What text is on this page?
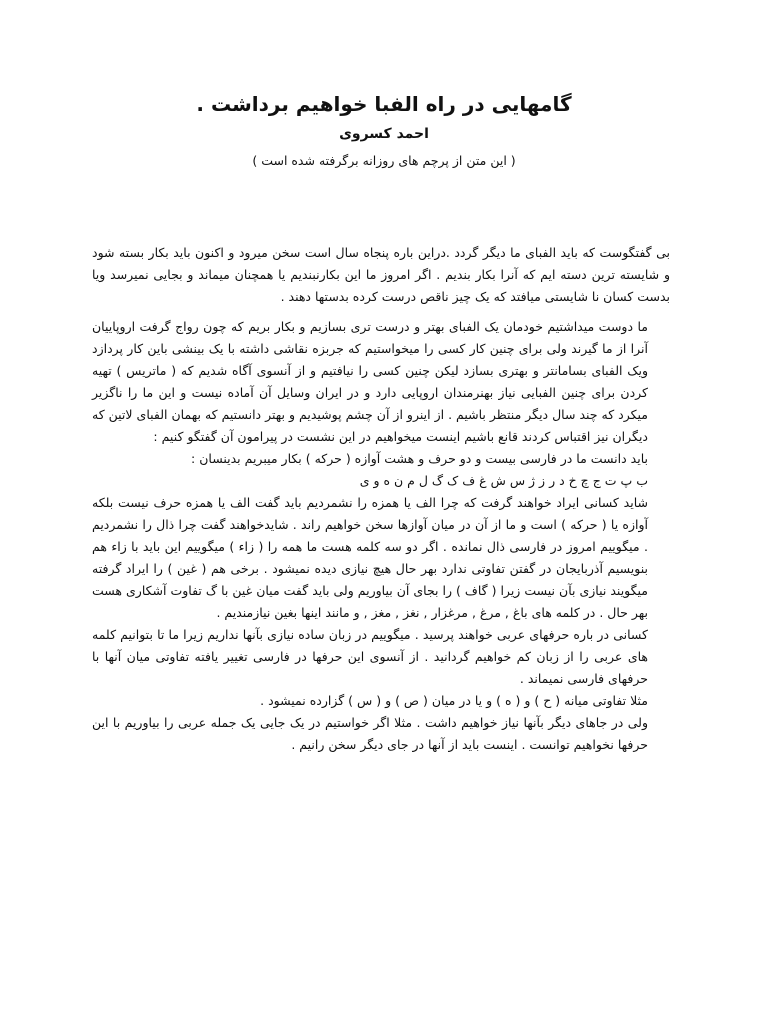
گامهایی در راه الفبا خواهیم برداشت .
احمد کسروی
( این متن از پرچم های روزانه برگرفته شده است )

بی گفتگوست که باید الفبای ما دیگر گردد .دراین باره پنجاه سال است سخن میرود و اکنون باید بکار بسته شود و شایسته ترین دسته ایم که آنرا بکار بندیم . اگر امروز ما این بکارنبندیم یا همچنان میماند و بجایی نمیرسد ویا بدست کسان نا شایستی میافتد که یک چیز ناقص درست کرده بدستها دهند .

ما دوست میداشتیم خودمان یک الفبای بهتر و درست تری بسازیم و بکار بریم که چون رواج گرفت اروپاییان آنرا از ما گیرند ولی برای چنین کار کسی را میخواستیم که جربزه نقاشی داشته با یک بینشی باین کار پردازد ویک الفبای بسامانتر و بهتری بسازد لیکن چنین کسی را نیافتیم و از آنسوی آگاه شدیم که ( ماتریس ) تهیه کردن برای چنین الفبایی نیاز بهنرمندان اروپایی دارد و در ایران وسایل آن آماده نیست و این ما را ناگزیر میکرد که چند سال دیگر منتظر باشیم . از اینرو از آن چشم پوشیدیم و بهتر دانستیم که بهمان الفبای لاتین که دیگران نیز اقتباس کردند قانع باشیم اینست میخواهیم در این نشست در پیرامون آن گفتگو کنیم :

باید دانست ما در فارسی بیست و دو حرف و هشت آوازه ( حرکه ) بکار میبریم بدینسان :

ب پ ت ج چ خ د ر ز ژ س ش غ ف ک گ ل م ن ه و ی

شاید کسانی ایراد خواهند گرفت که چرا الف یا همزه را نشمردیم باید گفت الف یا همزه حرف نیست بلکه آوازه یا ( حرکه ) است و ما از آن در میان آوازها سخن خواهیم راند . شایدخواهند گفت چرا ذال را نشمردیم . میگوییم امروز در فارسی ذال نمانده . اگر دو سه کلمه هست ما همه را ( زاء ) میگوییم این باید با زاء هم بنویسیم آذربایجان در گفتن تفاوتی ندارد بهر حال هیچ نیازی دیده نمیشود . برخی هم ( غین ) را ایراد گرفته میگویند نیازی بآن نیست زیرا ( گاف ) را بجای آن بیاوریم ولی باید گفت میان غین با گ تفاوت آشکاری هست بهر حال . در کلمه های باغ , مرغ , مرغزار , نغز , مغز , و مانند اینها بغین نیازمندیم .

کسانی در باره حرفهای عربی خواهند پرسید . میگوییم در زبان ساده نیازی بآنها نداریم زیرا ما تا بتوانیم کلمه های عربی را از زبان کم خواهیم گردانید . از آنسوی این حرفها در فارسی تغییر یافته تفاوتی میان آنها با حرفهای فارسی نمیماند .

مثلا تفاوتی میانه ( ح ) و ( ه ) و یا در میان ( ص ) و ( س ) گزارده نمیشود .

ولی در جاهای دیگر بآنها نیاز خواهیم داشت . مثلا اگر خواستیم در یک جایی یک جمله عربی را بیاوریم با این حرفها نخواهیم توانست . اینست باید از آنها در جای دیگر سخن رانیم .
